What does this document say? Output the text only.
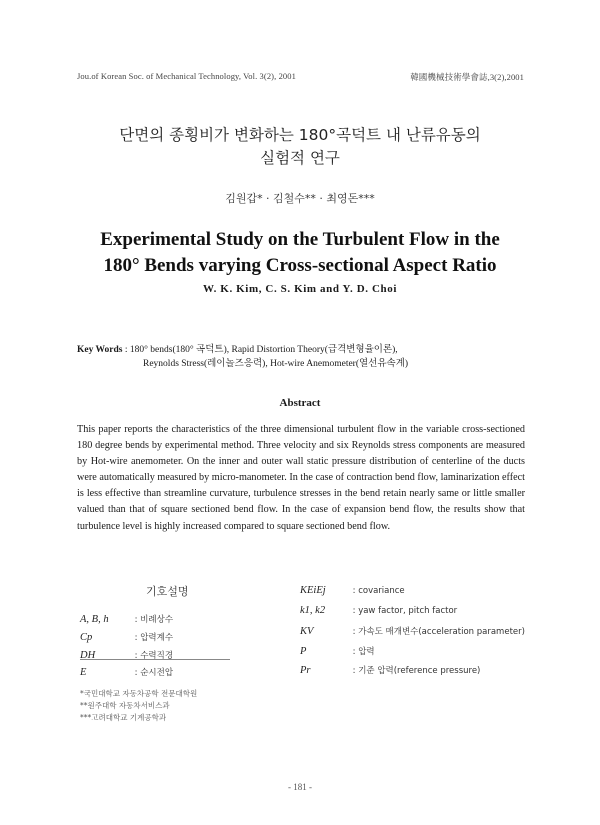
Jou.of Korean Soc. of Mechanical Technology, Vol. 3(2), 2001	韓國機械技術學會誌,3(2),2001
단면의 종횡비가 변화하는 180°곡덕트 내 난류유동의
실험적 연구
김원갑* · 김철수** · 최영돈***
Experimental Study on the Turbulent Flow in the
180° Bends varying Cross-sectional Aspect Ratio
W. K. Kim, C. S. Kim and Y. D. Choi
Key Words : 180° bends(180° 곡덕트), Rapid Distortion Theory(급격변형율이론),
Reynolds Stress(레이놀즈응력), Hot-wire Anemometer(열선유속계)
Abstract
This paper reports the characteristics of the three dimensional turbulent flow in the variable cross-sectioned 180 degree bends by experimental method. Three velocity and six Reynolds stress components are measured by Hot-wire anemometer. On the inner and outer wall static pressure distribution of centerline of the ducts were automatically measured by micro-manometer. In the case of contraction bend flow, laminarization effect is less effective than streamline curvature, turbulence stresses in the bend retain nearly same or little smaller valued than that of square sectioned bend flow. In the case of expansion bend flow, the results show that turbulence level is highly increased compared to square sectioned bend flow.
기호설명
A, B, h	: 비례상수
Cp	: 압력계수
DH	: 수력직경
E	: 순시전압
KEiEj	: covariance
k1, k2	: yaw factor, pitch factor
KV	: 가속도 매개변수(acceleration parameter)
P	: 압력
Pr	: 기준 압력(reference pressure)
*국민대학교 자동차공학 전문대학원
**원주대학 자동차서비스과
***고려대학교 기계공학과
- 181 -
